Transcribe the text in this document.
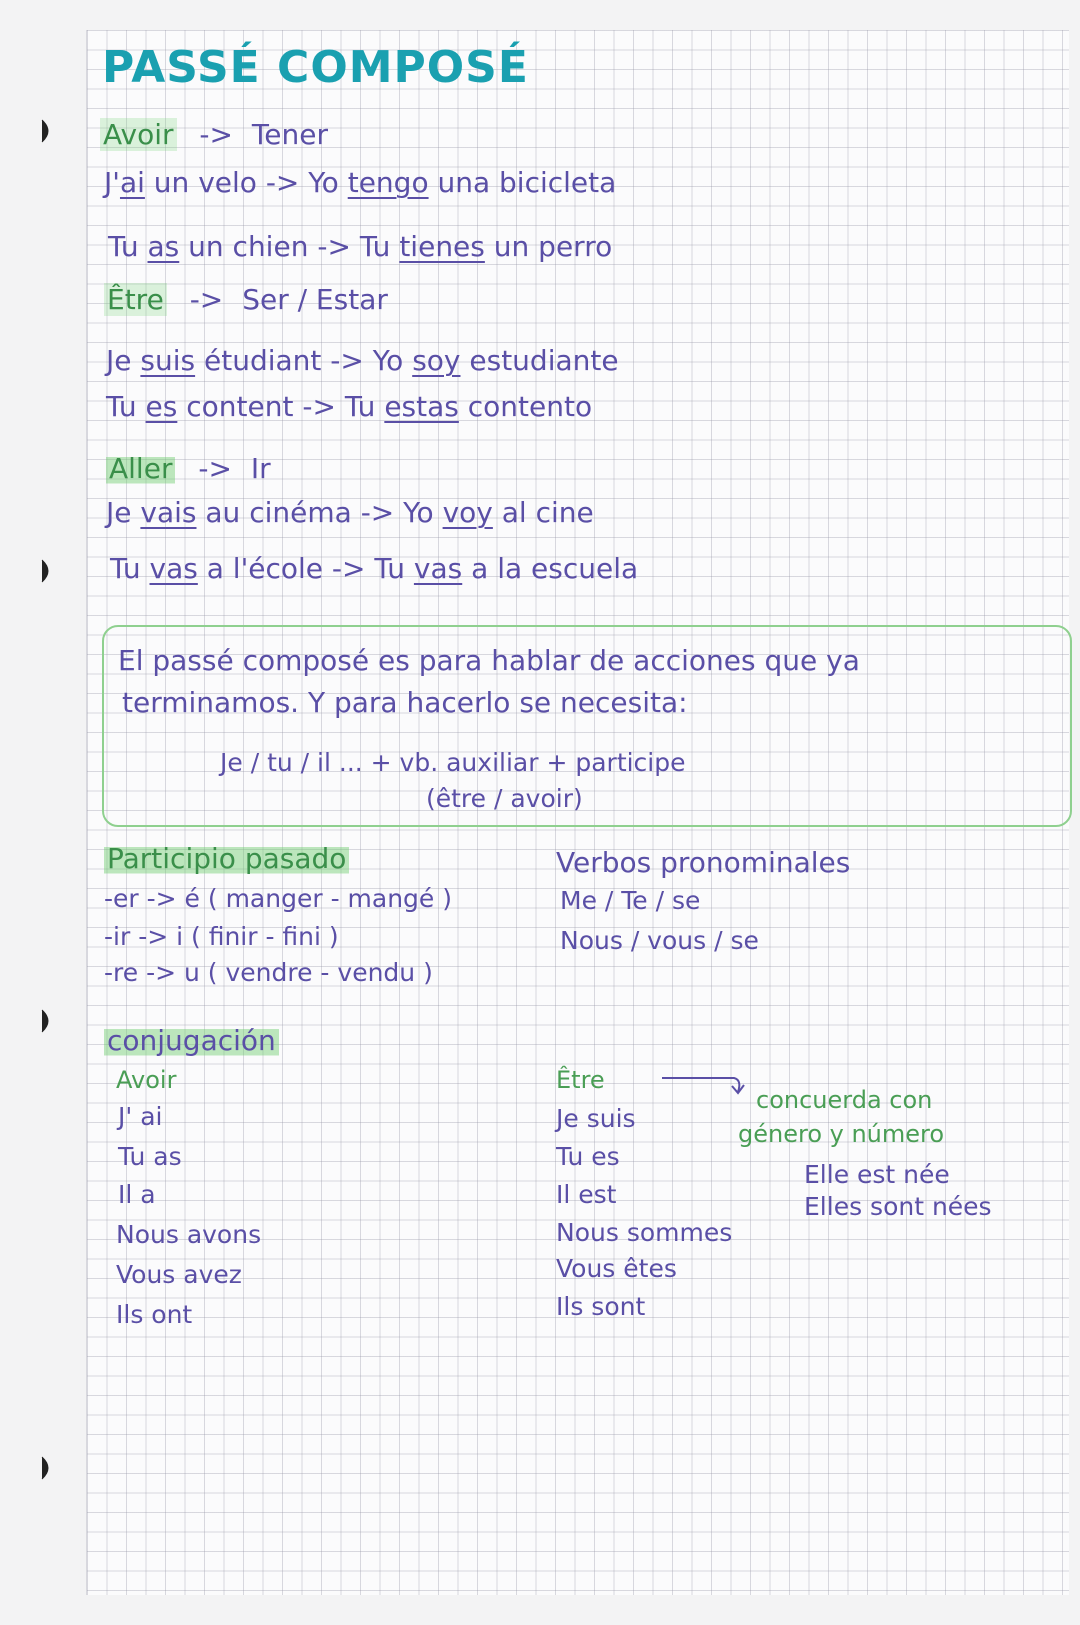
PASSÉ COMPOSÉ
Avoir -> Tener
J'ai un velo -> Yo tengo una bicicleta
Tu as un chien -> Tu tienes un perro
Être -> Ser / Estar
Je suis étudiant -> Yo soy estudiante
Tu es content -> Tu estas contento
Aller -> Ir
Je vais au cinéma -> Yo voy al cine
Tu vas a l'école -> Tu vas a la escuela
El passé composé es para hablar de acciones que ya
terminamos. Y para hacerlo se necesita:
Je / tu / il ... + vb. auxiliar + participe
(être / avoir)
Participio pasado
-er -> é ( manger - mangé )
-ir -> i ( finir - fini )
-re -> u ( vendre - vendu )
Verbos pronominales
Me / Te / se
Nous / vous / se
conjugación
Avoir
J' ai
Tu as
Il a
Nous avons
Vous avez
Ils ont
Être
Je suis
Tu es
Il est
Nous sommes
Vous êtes
Ils sont
concuerda con
género y número
Elle est née
Elles sont nées
